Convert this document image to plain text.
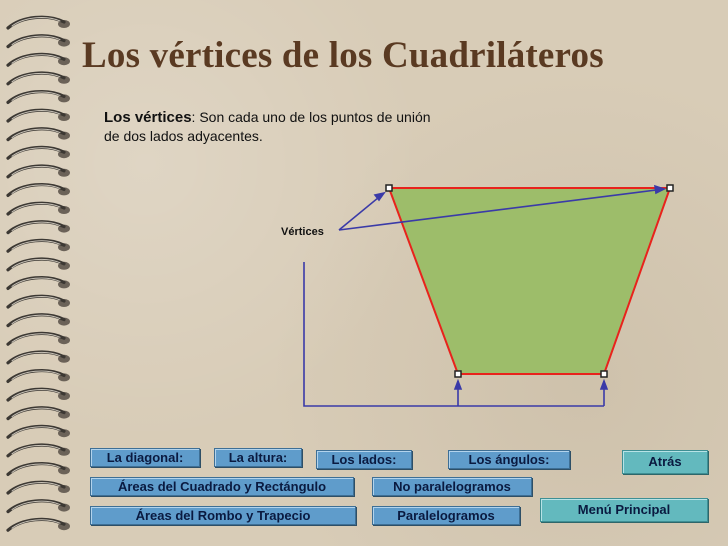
Los vértices de los Cuadriláteros
Los vértices: Son cada uno de los puntos de unión de dos lados adyacentes.
Vértices
La diagonal:	La altura:	Los lados:	Los ángulos:	Atrás
Áreas del Cuadrado y Rectángulo	No paralelogramos
Menú Principal
Áreas del Rombo y Trapecio	Paralelogramos
